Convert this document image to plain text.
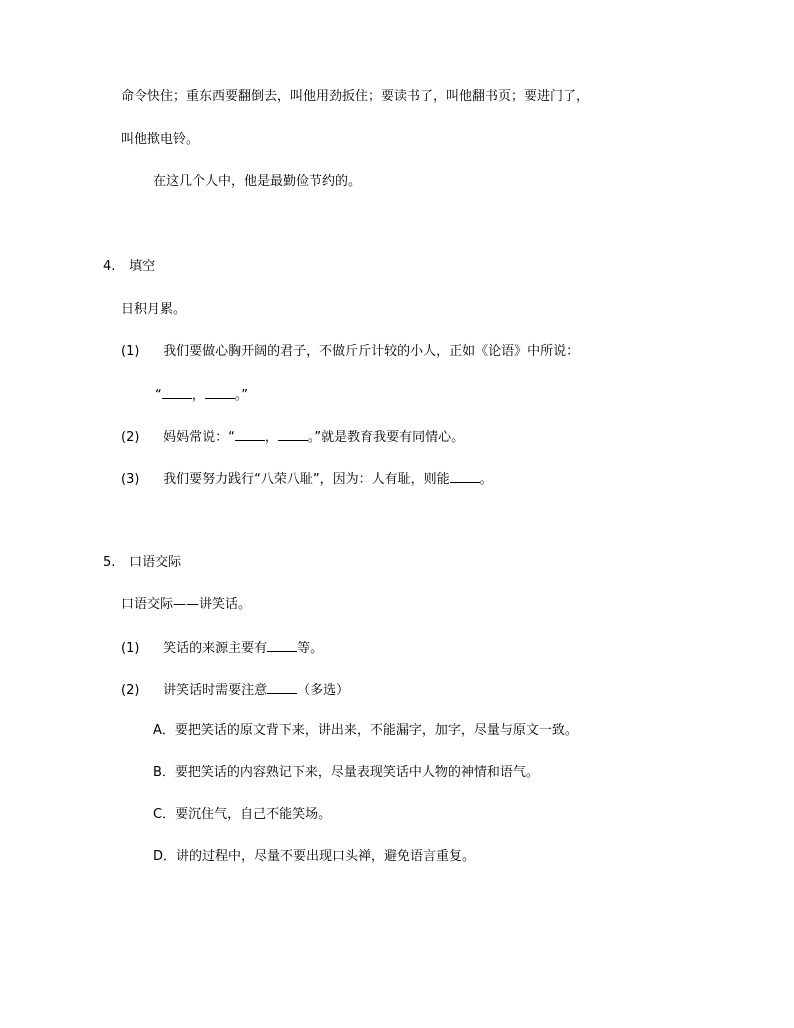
命令快住；重东西要翻倒去，叫他用劲扳住；要读书了，叫他翻书页；要进门了，
叫他揿电铃。
在这几个人中，他是最勤俭节约的。
4. 填空
日积月累。
(1) 我们要做心胸开阔的君子，不做斤斤计较的小人，正如《论语》中所说：
“ ， 。”
(2) 妈妈常说：“ ， 。”就是教育我要有同情心。
(3) 我们要努力践行“八荣八耻”，因为：人有耻，则能 。
5. 口语交际
口语交际——讲笑话。
(1) 笑话的来源主要有 等。
(2) 讲笑话时需要注意 （多选）
A．要把笑话的原文背下来，讲出来，不能漏字，加字，尽量与原文一致。
B．要把笑话的内容熟记下来，尽量表现笑话中人物的神情和语气。
C．要沉住气，自己不能笑场。
D．讲的过程中，尽量不要出现口头禅，避免语言重复。
